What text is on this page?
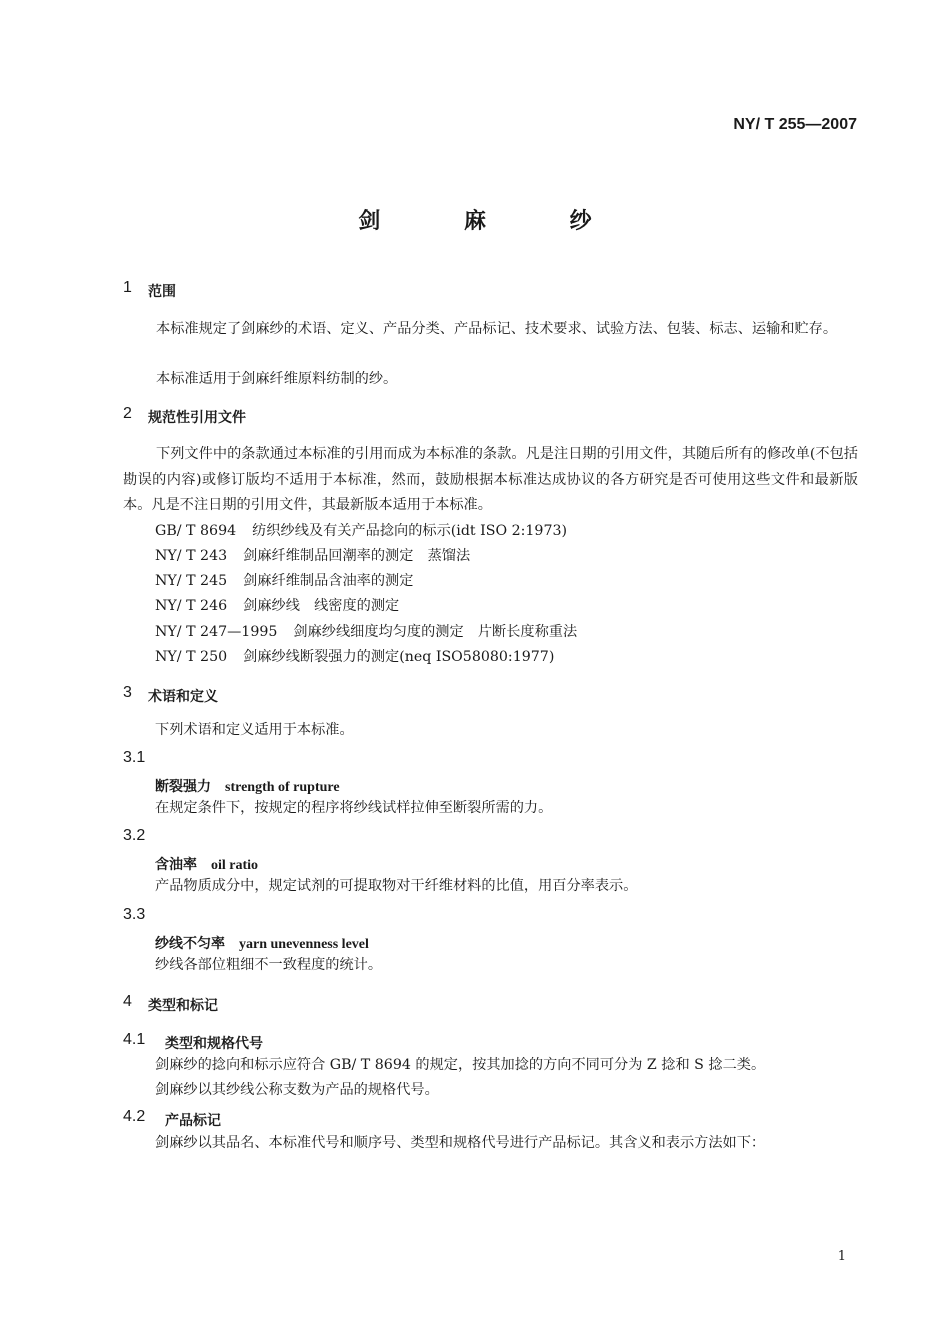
NY/ T 255—2007
剑 麻 纱
1 范围
本标准规定了剑麻纱的术语、定义、产品分类、产品标记、技术要求、试验方法、包装、标志、运输和贮存。
本标准适用于剑麻纤维原料纺制的纱。
2 规范性引用文件
下列文件中的条款通过本标准的引用而成为本标准的条款。凡是注日期的引用文件，其随后所有的修改单(不包括勘误的内容)或修订版均不适用于本标准，然而，鼓励根据本标准达成协议的各方研究是否可使用这些文件和最新版本。凡是不注日期的引用文件，其最新版本适用于本标准。
GB/ T 8694 纺织纱线及有关产品捻向的标示(idt ISO 2:1973)
NY/ T 243 剑麻纤维制品回潮率的测定　蒸馏法
NY/ T 245 剑麻纤维制品含油率的测定
NY/ T 246 剑麻纱线　线密度的测定
NY/ T 247—1995 剑麻纱线细度均匀度的测定　片断长度称重法
NY/ T 250 剑麻纱线断裂强力的测定(neq ISO58080:1977)
3 术语和定义
下列术语和定义适用于本标准。
3.1
断裂强力 strength of rupture
在规定条件下，按规定的程序将纱线试样拉伸至断裂所需的力。
3.2
含油率 oil ratio
产品物质成分中，规定试剂的可提取物对干纤维材料的比值，用百分率表示。
3.3
纱线不匀率 yarn unevenness level
纱线各部位粗细不一致程度的统计。
4 类型和标记
4.1 类型和规格代号
剑麻纱的捻向和标示应符合 GB/ T 8694 的规定，按其加捻的方向不同可分为 Z 捻和 S 捻二类。
剑麻纱以其纱线公称支数为产品的规格代号。
4.2 产品标记
剑麻纱以其品名、本标准代号和顺序号、类型和规格代号进行产品标记。其含义和表示方法如下：
1
